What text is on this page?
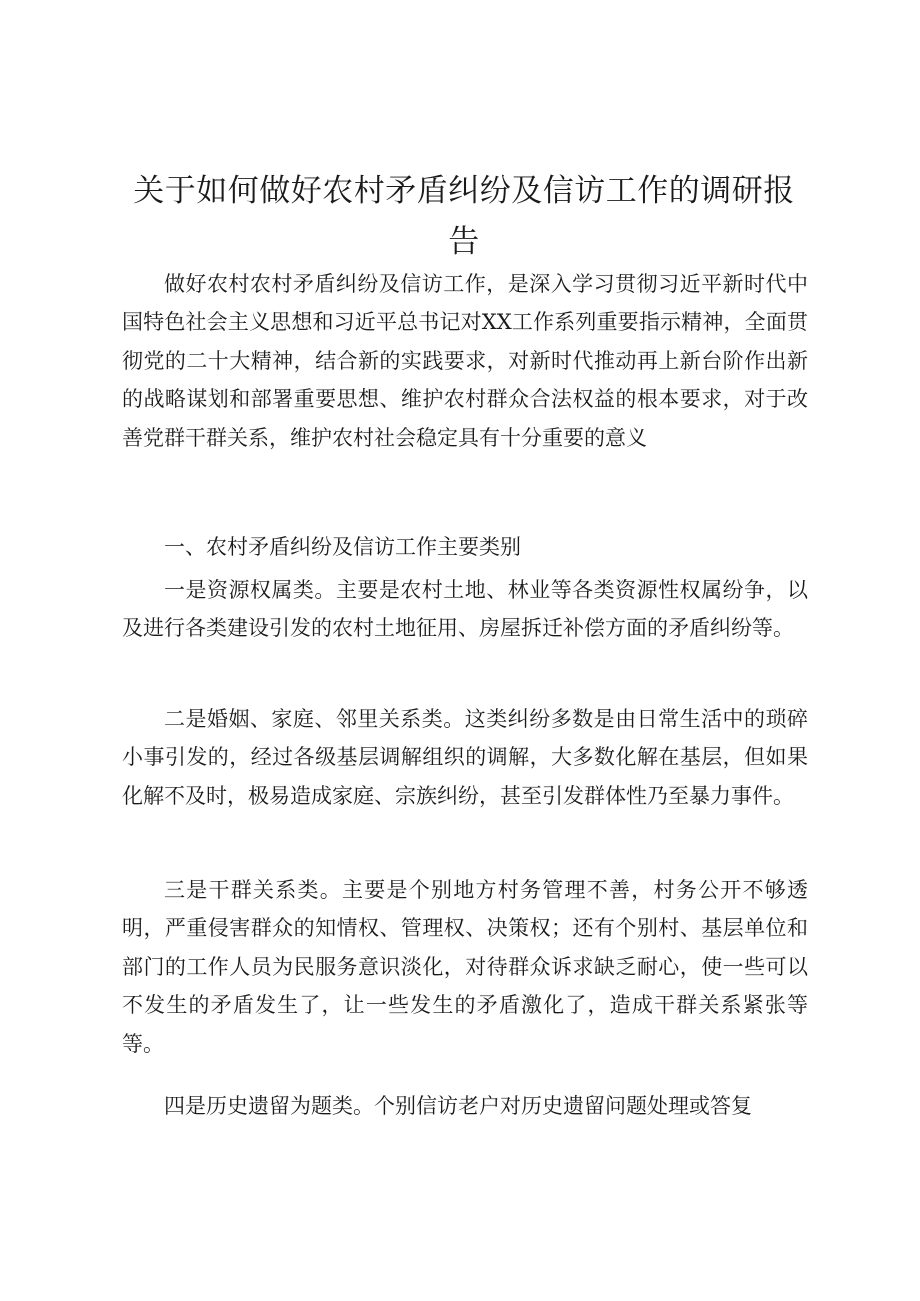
关于如何做好农村矛盾纠纷及信访工作的调研报告
做好农村农村矛盾纠纷及信访工作，是深入学习贯彻习近平新时代中国特色社会主义思想和习近平总书记对XX工作系列重要指示精神，全面贯彻党的二十大精神，结合新的实践要求，对新时代推动再上新台阶作出新的战略谋划和部署重要思想、维护农村群众合法权益的根本要求，对于改善党群干群关系，维护农村社会稳定具有十分重要的意义
一、农村矛盾纠纷及信访工作主要类别
一是资源权属类。主要是农村土地、林业等各类资源性权属纷争，以及进行各类建设引发的农村土地征用、房屋拆迁补偿方面的矛盾纠纷等。
二是婚姻、家庭、邻里关系类。这类纠纷多数是由日常生活中的琐碎小事引发的，经过各级基层调解组织的调解，大多数化解在基层，但如果化解不及时，极易造成家庭、宗族纠纷，甚至引发群体性乃至暴力事件。
三是干群关系类。主要是个别地方村务管理不善，村务公开不够透明，严重侵害群众的知情权、管理权、决策权；还有个别村、基层单位和部门的工作人员为民服务意识淡化，对待群众诉求缺乏耐心，使一些可以不发生的矛盾发生了，让一些发生的矛盾激化了，造成干群关系紧张等等。
四是历史遗留为题类。个别信访老户对历史遗留问题处理或答复
